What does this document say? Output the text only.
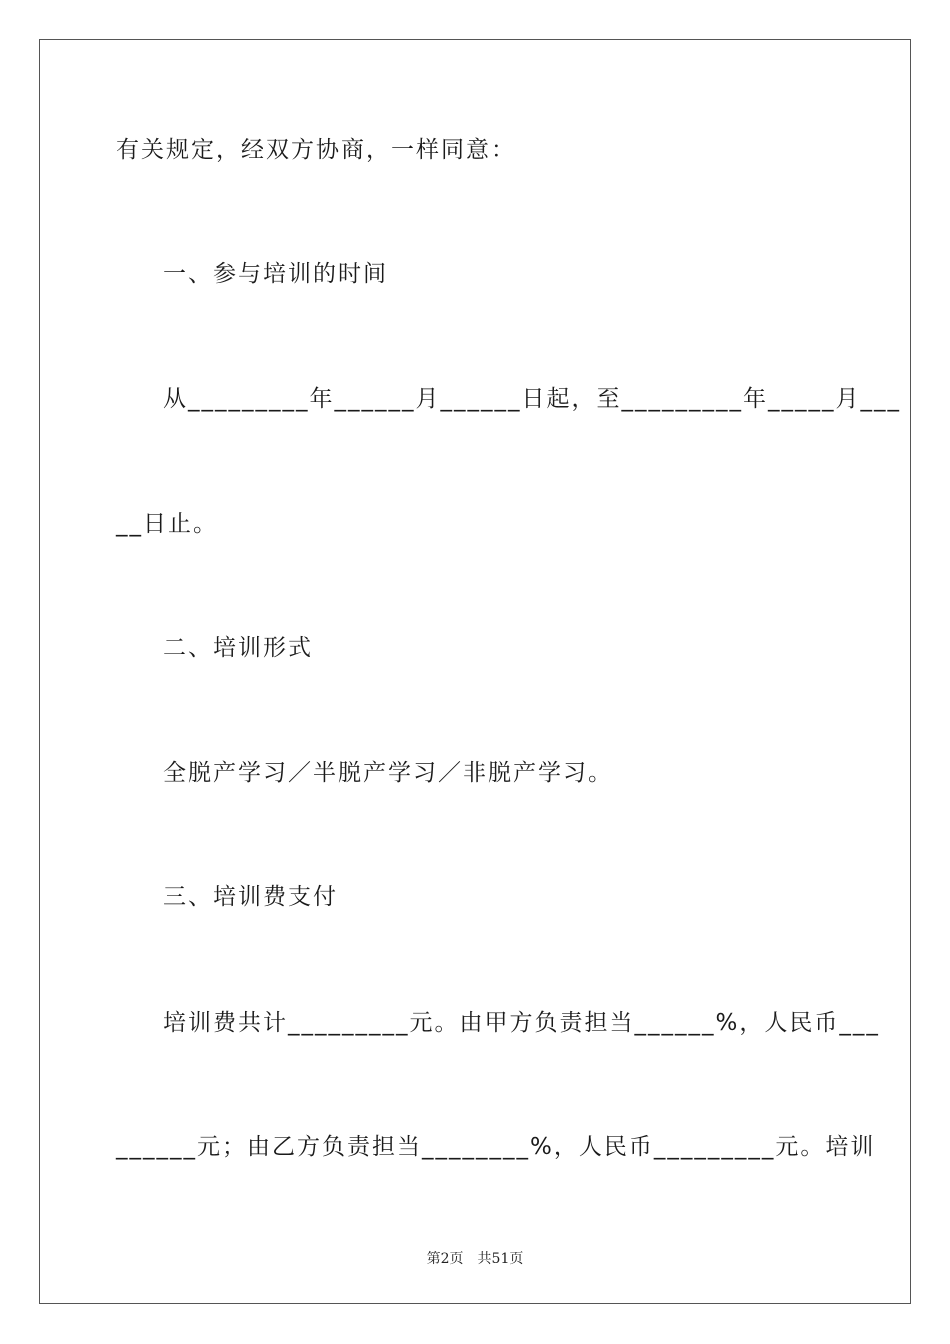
有关规定，经双方协商，一样同意：
一、参与培训的时间
从_________年______月______日起，至_________年_____月___
__日止。
二、培训形式
全脱产学习／半脱产学习／非脱产学习。
三、培训费支付
培训费共计_________元。由甲方负责担当______%，人民币___
______元；由乙方负责担当________%，人民币_________元。培训
第2页　共51页
